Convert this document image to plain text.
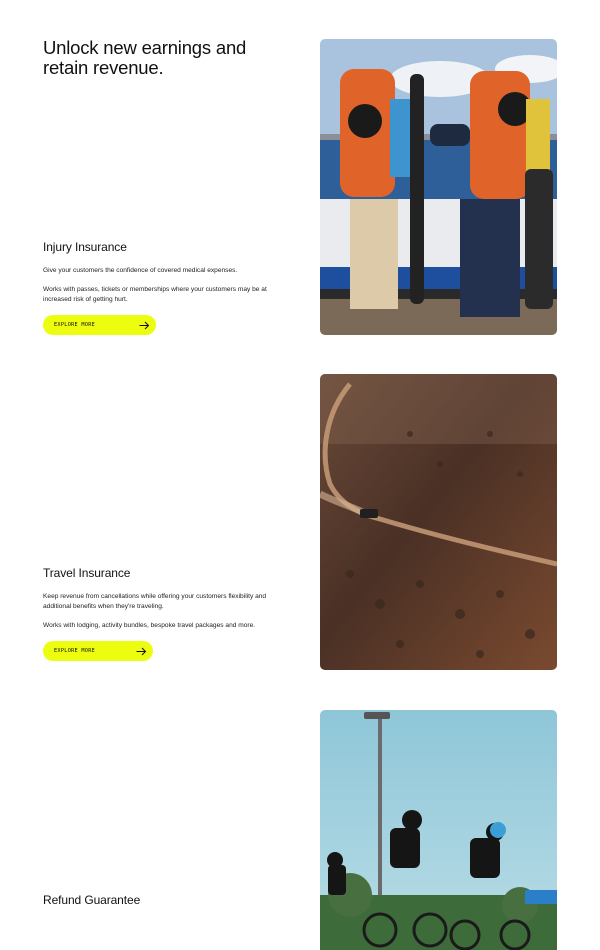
Unlock new earnings and retain revenue.
Injury Insurance

Give your customers the confidence of covered medical expenses.

Works with passes, tickets or memberships where your customers may be at increased risk of getting hurt.

EXPLORE MORE
Travel Insurance

Keep revenue from cancellations while offering your customers flexibility and additional benefits when they're traveling.

Works with lodging, activity bundles, bespoke travel packages and more.

EXPLORE MORE
Refund Guarantee
